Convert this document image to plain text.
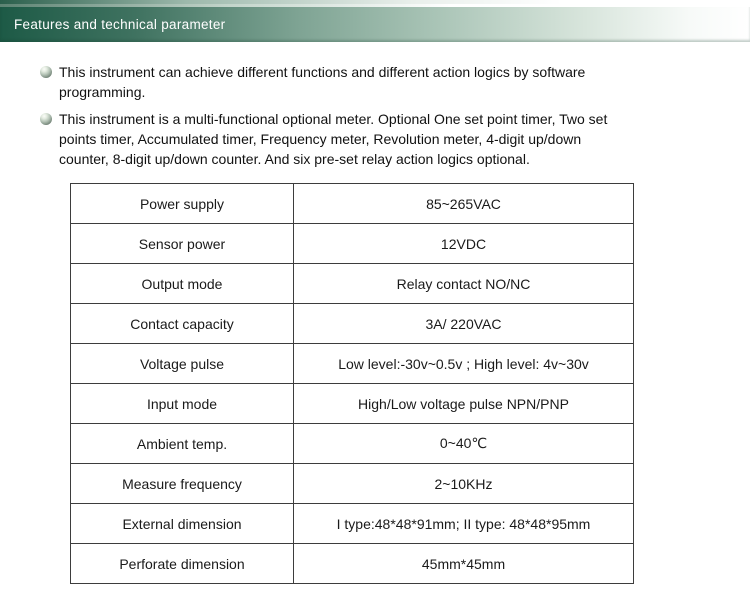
Features and technical parameter
This instrument can achieve different functions and different action logics by software
programming.
This instrument is a multi-functional optional meter. Optional One set point timer, Two set
points timer, Accumulated timer, Frequency meter, Revolution meter, 4-digit up/down
counter, 8-digit up/down counter. And six pre-set relay action logics optional.
Power supply	85~265VAC
Sensor power	12VDC
Output mode	Relay contact NO/NC
Contact capacity	3A/ 220VAC
Voltage pulse	Low level:-30v~0.5v ; High level: 4v~30v
Input mode	High/Low voltage pulse NPN/PNP
Ambient temp.	0~40℃
Measure frequency	2~10KHz
External dimension	I type:48*48*91mm; II type: 48*48*95mm
Perforate dimension	45mm*45mm
